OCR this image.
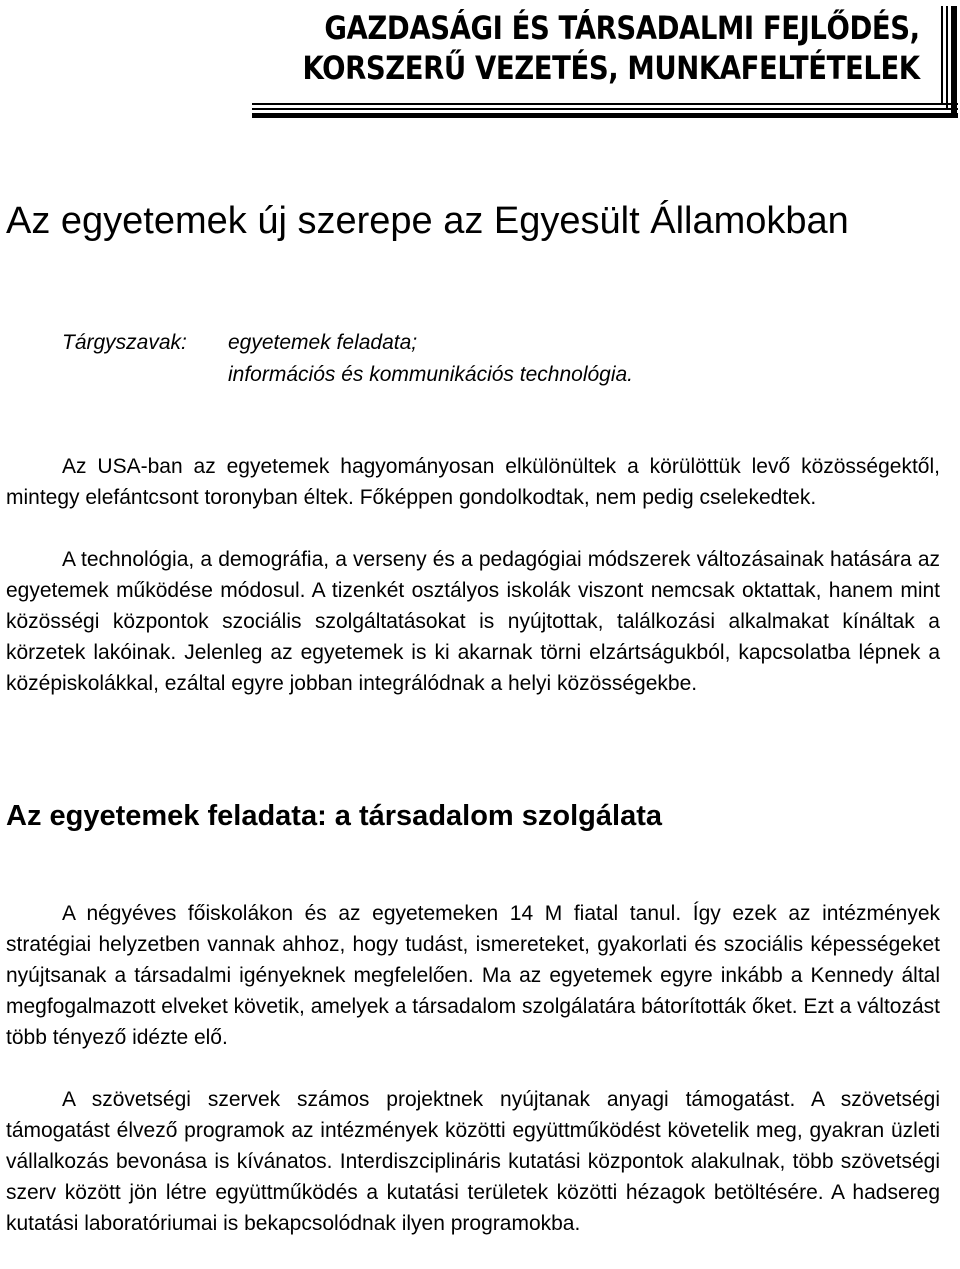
GAZDASÁGI ÉS TÁRSADALMI FEJLŐDÉS,
KORSZERŰ VEZETÉS, MUNKAFELTÉTELEK
Az egyetemek új szerepe az Egyesült Államokban
Tárgyszavak: egyetemek feladata;
információs és kommunikációs technológia.

Az USA-ban az egyetemek hagyományosan elkülönültek a körülöttük levő közösségektől, mintegy elefántcsont toronyban éltek. Főképpen gondolkodtak, nem pedig cselekedtek.

A technológia, a demográfia, a verseny és a pedagógiai módszerek változásainak hatására az egyetemek működése módosul. A tizenkét osztályos iskolák viszont nemcsak oktattak, hanem mint közösségi központok szociális szolgáltatásokat is nyújtottak, találkozási alkalmakat kínáltak a körzetek lakóinak. Jelenleg az egyetemek is ki akarnak törni elzártságukból, kapcsolatba lépnek a középiskolákkal, ezáltal egyre jobban integrálódnak a helyi közösségekbe.

Az egyetemek feladata: a társadalom szolgálata

A négyéves főiskolákon és az egyetemeken 14 M fiatal tanul. Így ezek az intézmények stratégiai helyzetben vannak ahhoz, hogy tudást, ismereteket, gyakorlati és szociális képességeket nyújtsanak a társadalmi igényeknek megfelelően. Ma az egyetemek egyre inkább a Kennedy által megfogalmazott elveket követik, amelyek a társadalom szolgálatára bátorították őket. Ezt a változást több tényező idézte elő.

A szövetségi szervek számos projektnek nyújtanak anyagi támogatást. A szövetségi támogatást élvező programok az intézmények közötti együttműködést követelik meg, gyakran üzleti vállalkozás bevonása is kívánatos. Interdiszciplináris kutatási központok alakulnak, több szövetségi szerv között jön létre együttműködés a kutatási területek közötti hézagok betöltésére. A hadsereg kutatási laboratóriumai is bekapcsolódnak ilyen programokba.
